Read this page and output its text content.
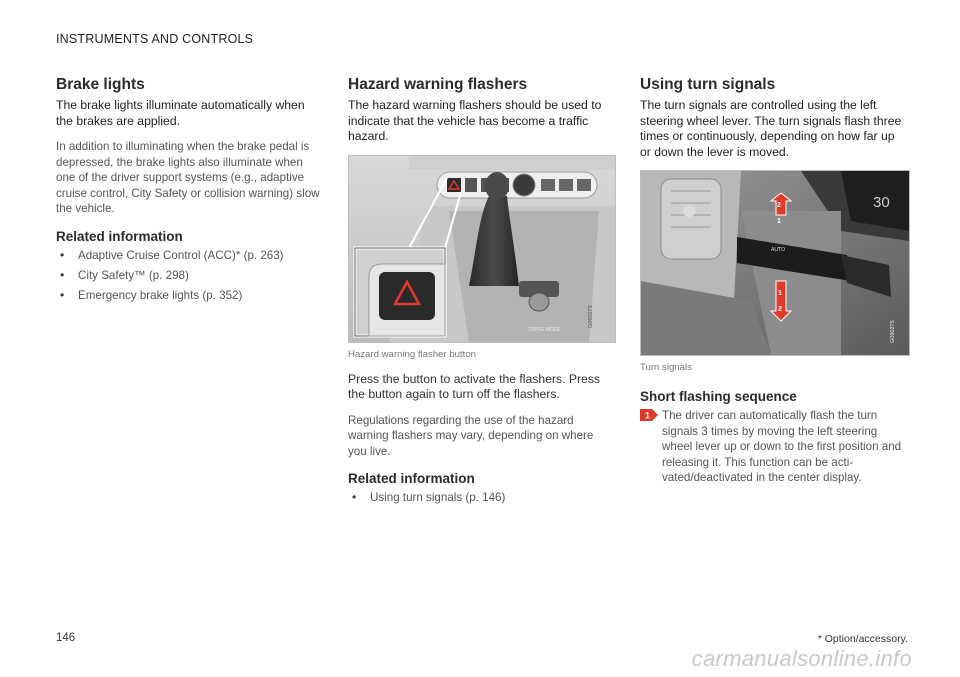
INSTRUMENTS AND CONTROLS
Brake lights

The brake lights illuminate automatically when the brakes are applied.

In addition to illuminating when the brake pedal is depressed, the brake lights also illuminate when one of the driver support systems (e.g., adaptive cruise control, City Safety or collision warning) slow the vehicle.

Related information
• Adaptive Cruise Control (ACC)* (p. 263)
• City Safety™ (p. 298)
• Emergency brake lights (p. 352)
Hazard warning flashers

The hazard warning flashers should be used to indicate that the vehicle has become a traffic hazard.

DRIVE MODE
G060273
Hazard warning flasher button

Press the button to activate the flashers. Press the button again to turn off the flashers.

Regulations regarding the use of the hazard warning flashers may vary, depending on where you live.

Related information
• Using turn signals (p. 146)
Using turn signals

The turn signals are controlled using the left steering wheel lever. The turn signals flash three times or continuously, depending on how far up or down the lever is moved.

30
AUTO
2
1
1
2
G060275
Turn signals
Short flashing sequence
1 The driver can automatically flash the turn signals 3 times by moving the left steering wheel lever up or down to the first position and releasing it. This function can be acti-vated/deactivated in the center display.
146	* Option/accessory.
carmanualsonline.info
